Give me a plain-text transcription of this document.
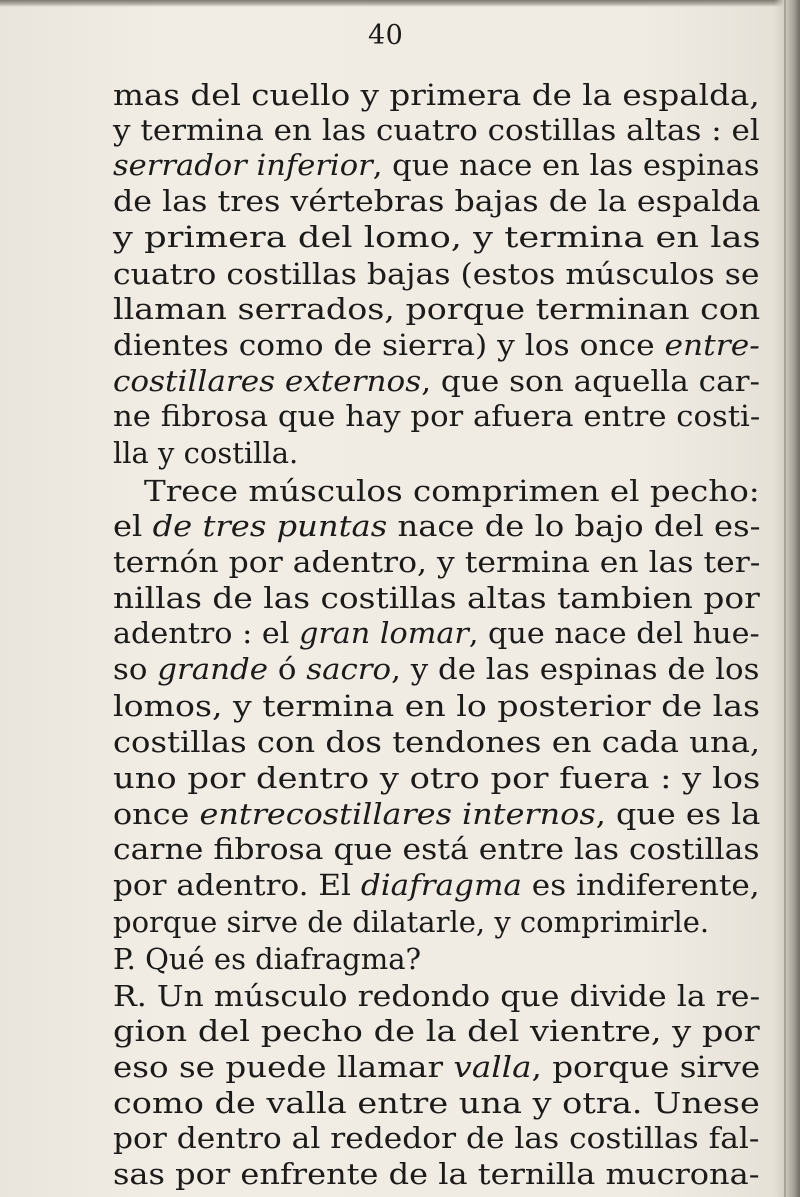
40
mas del cuello y primera de la espalda,
y termina en las cuatro costillas altas : el
serrador inferior, que nace en las espinas
de las tres vértebras bajas de la espalda
y primera del lomo, y termina en las
cuatro costillas bajas (estos músculos se
llaman serrados, porque terminan con
dientes como de sierra) y los once entre-
costillares externos, que son aquella car-
ne fibrosa que hay por afuera entre costi-
lla y costilla.
Trece músculos comprimen el pecho:
el de tres puntas nace de lo bajo del es-
ternón por adentro, y termina en las ter-
nillas de las costillas altas tambien por
adentro : el gran lomar, que nace del hue-
so grande ó sacro, y de las espinas de los
lomos, y termina en lo posterior de las
costillas con dos tendones en cada una,
uno por dentro y otro por fuera : y los
once entrecostillares internos, que es la
carne fibrosa que está entre las costillas
por adentro. El diafragma es indiferente,
porque sirve de dilatarle, y comprimirle.
P. Qué es diafragma?
R. Un músculo redondo que divide la re-
gion del pecho de la del vientre, y por
eso se puede llamar valla, porque sirve
como de valla entre una y otra. Unese
por dentro al rededor de las costillas fal-
sas por enfrente de la ternilla mucrona-
